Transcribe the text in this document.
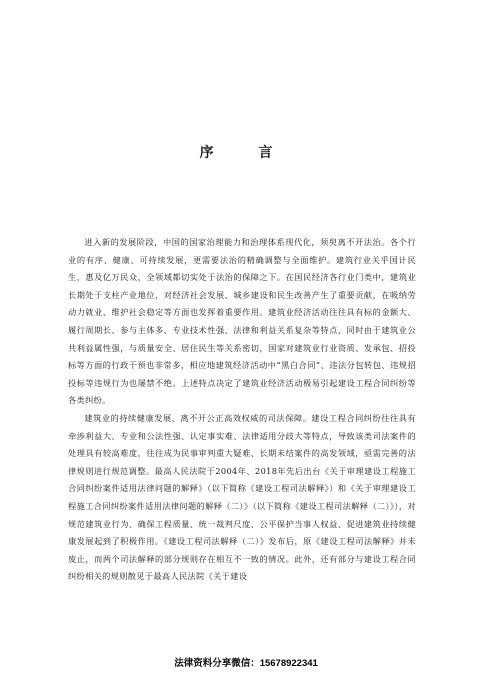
序 言

进入新的发展阶段，中国的国家治理能力和治理体系现代化，须臾离不开法治。各个行业的有序、健康、可持续发展，更需要法治的精确调整与全面维护。建筑行业关乎国计民生，惠及亿万民众，全领域都切实处于法治的保障之下。在国民经济各行业门类中，建筑业长期处于支柱产业地位，对经济社会发展、城乡建设和民生改善产生了重要贡献，在吸纳劳动力就业、维护社会稳定等方面也发挥着重要作用。建筑业经济活动往往具有标的金额大、履行周期长、参与主体多、专业技术性强、法律和利益关系复杂等特点，同时由于建筑业公共利益属性强，与质量安全、居住民生等关系密切，国家对建筑业行业资质、发承包、招投标等方面的行政干预也非常多，相应地建筑经济活动中“黑白合同”、违法分包转包、违规招投标等违规行为也屡禁不绝。上述特点决定了建筑业经济活动极易引起建设工程合同纠纷等各类纠纷。

建筑业的持续健康发展，离不开公正高效权威的司法保障。建设工程合同纠纷往往具有牵涉利益大、专业和公法性强、认定事实难、法律适用分歧大等特点，导致该类司法案件的处理具有较高难度，往往成为民事审判重大疑难、长期未结案件的高发领域，亟需完善的法律规则进行规范调整。最高人民法院于2004年、2018年先后出台《关于审理建设工程施工合同纠纷案件适用法律问题的解释》（以下简称《建设工程司法解释》）和《关于审理建设工程施工合同纠纷案件适用法律问题的解释（二）》（以下简称《建设工程司法解释（二）》），对规范建筑业行为、确保工程质量、统一裁判尺度、公平保护当事人权益、促进建筑业持续健康发展起到了积极作用。《建设工程司法解释（二）》发布后，原《建设工程司法解释》并未废止，而两个司法解释的部分规则存在相互不一致的情况。此外，还有部分与建设工程合同纠纷相关的规则散见于最高人民法院《关于建设

法律资料分享微信：15678922341
